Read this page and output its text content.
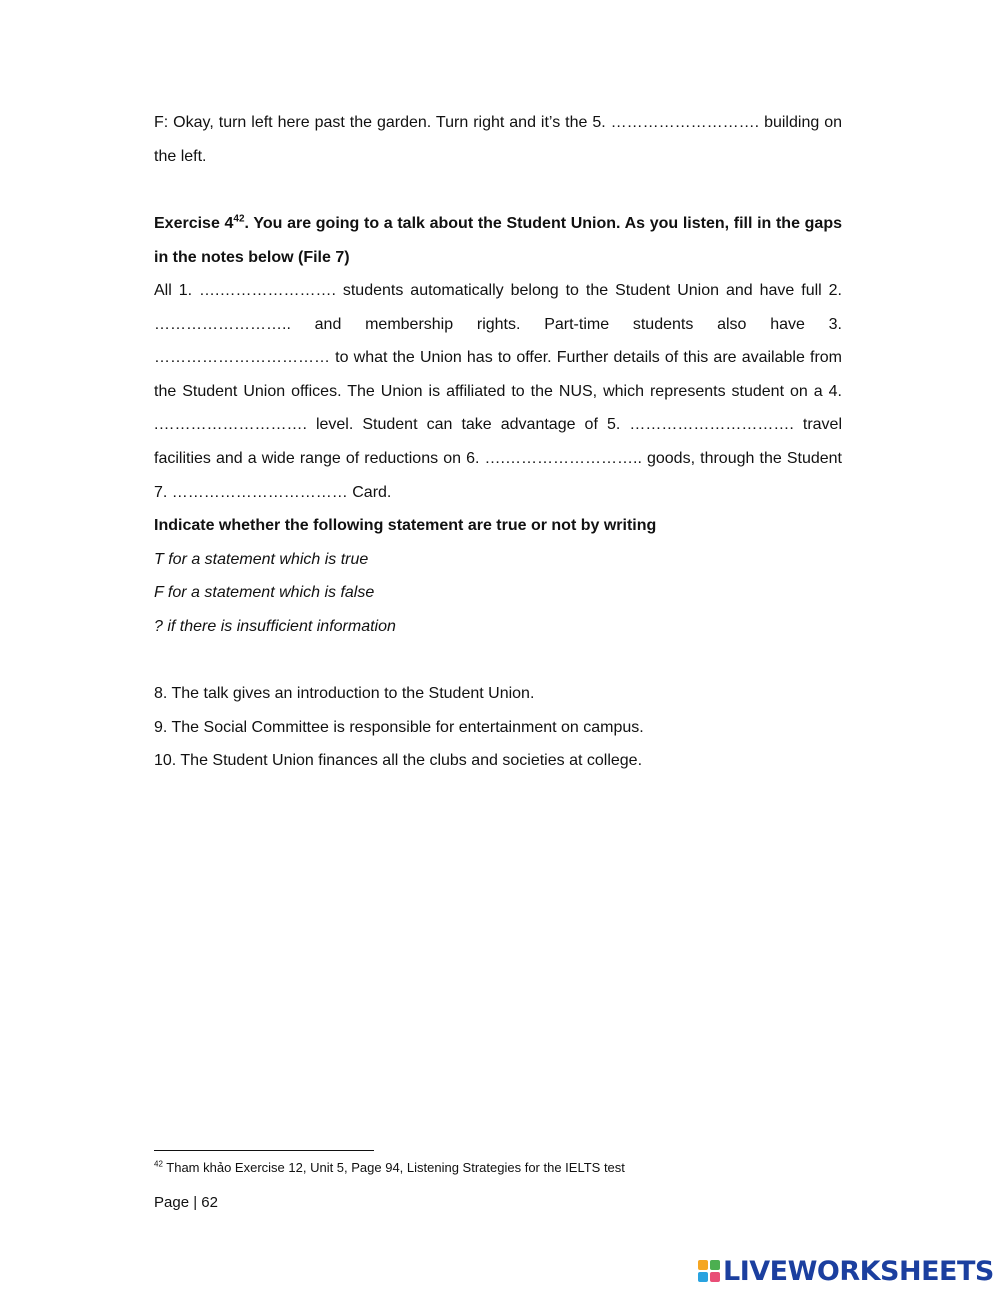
F: Okay, turn left here past the garden. Turn right and it’s the 5. ………………………. building on the left.

Exercise $4^{42}$. You are going to a talk about the Student Union. As you listen, fill in the gaps in the notes below (File 7)

All 1. ….…………………. students automatically belong to the Student Union and have full 2. …………………….. and membership rights. Part-time students also have 3. …………………………… to what the Union has to offer. Further details of this are available from the Student Union offices. The Union is affiliated to the NUS, which represents student on a 4. .………………………. level. Student can take advantage of 5. …………………………. travel facilities and a wide range of reductions on 6. ….…………………….. goods, through the Student 7. …………………………… Card.

Indicate whether the following statement are true or not by writing

T for a statement which is true

F for a statement which is false

? if there is insufficient information

8. The talk gives an introduction to the Student Union.

9. The Social Committee is responsible for entertainment on campus.

10. The Student Union finances all the clubs and societies at college.

$^{42}$ Tham khảo Exercise 12, Unit 5, Page 94, Listening Strategies for the IELTS test
Page | 62
LIVEWORKSHEETS
